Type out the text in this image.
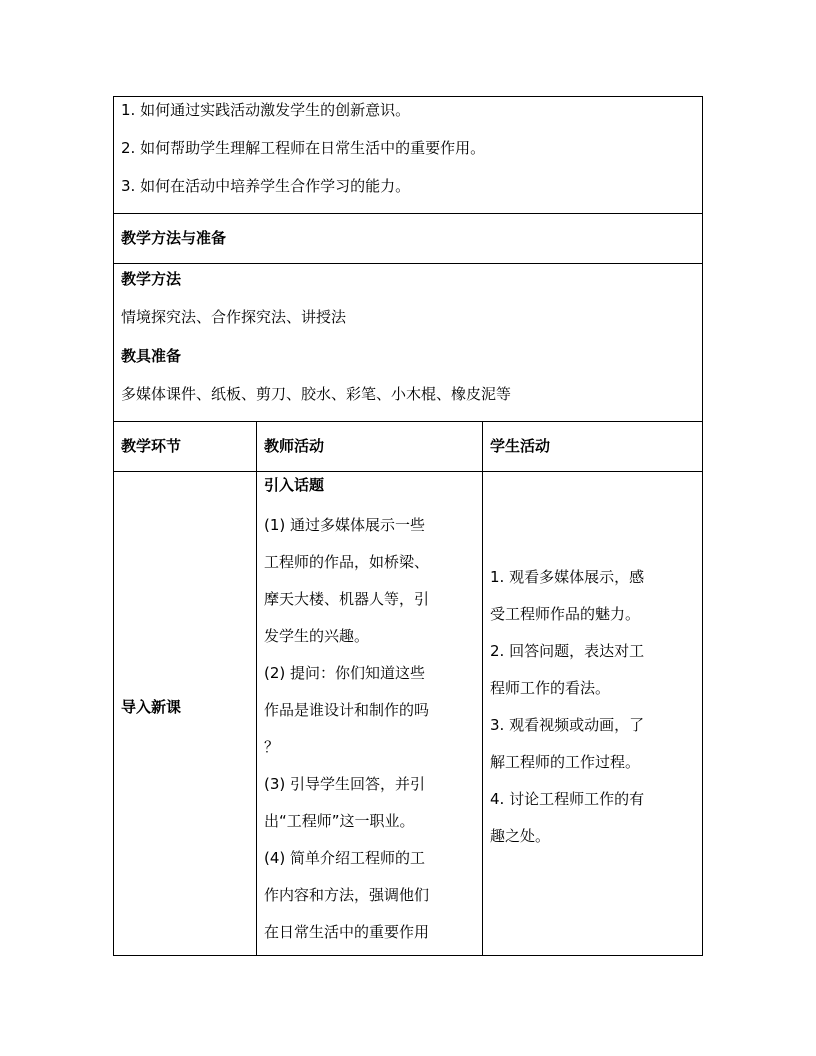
1. 如何通过实践活动激发学生的创新意识。
2. 如何帮助学生理解工程师在日常生活中的重要作用。
3. 如何在活动中培养学生合作学习的能力。
教学方法与准备
教学方法
情境探究法、合作探究法、讲授法
教具准备
多媒体课件、纸板、剪刀、胶水、彩笔、小木棍、橡皮泥等
教学环节	教师活动	学生活动
导入新课
引入话题

(1) 通过多媒体展示一些

工程师的作品，如桥梁、

摩天大楼、机器人等，引

发学生的兴趣。

(2) 提问：你们知道这些

作品是谁设计和制作的吗

？

(3) 引导学生回答，并引

出“工程师”这一职业。

(4) 简单介绍工程师的工

作内容和方法，强调他们

在日常生活中的重要作用

1. 观看多媒体展示，感

受工程师作品的魅力。

2. 回答问题，表达对工

程师工作的看法。

3. 观看视频或动画，了

解工程师的工作过程。

4. 讨论工程师工作的有

趣之处。
